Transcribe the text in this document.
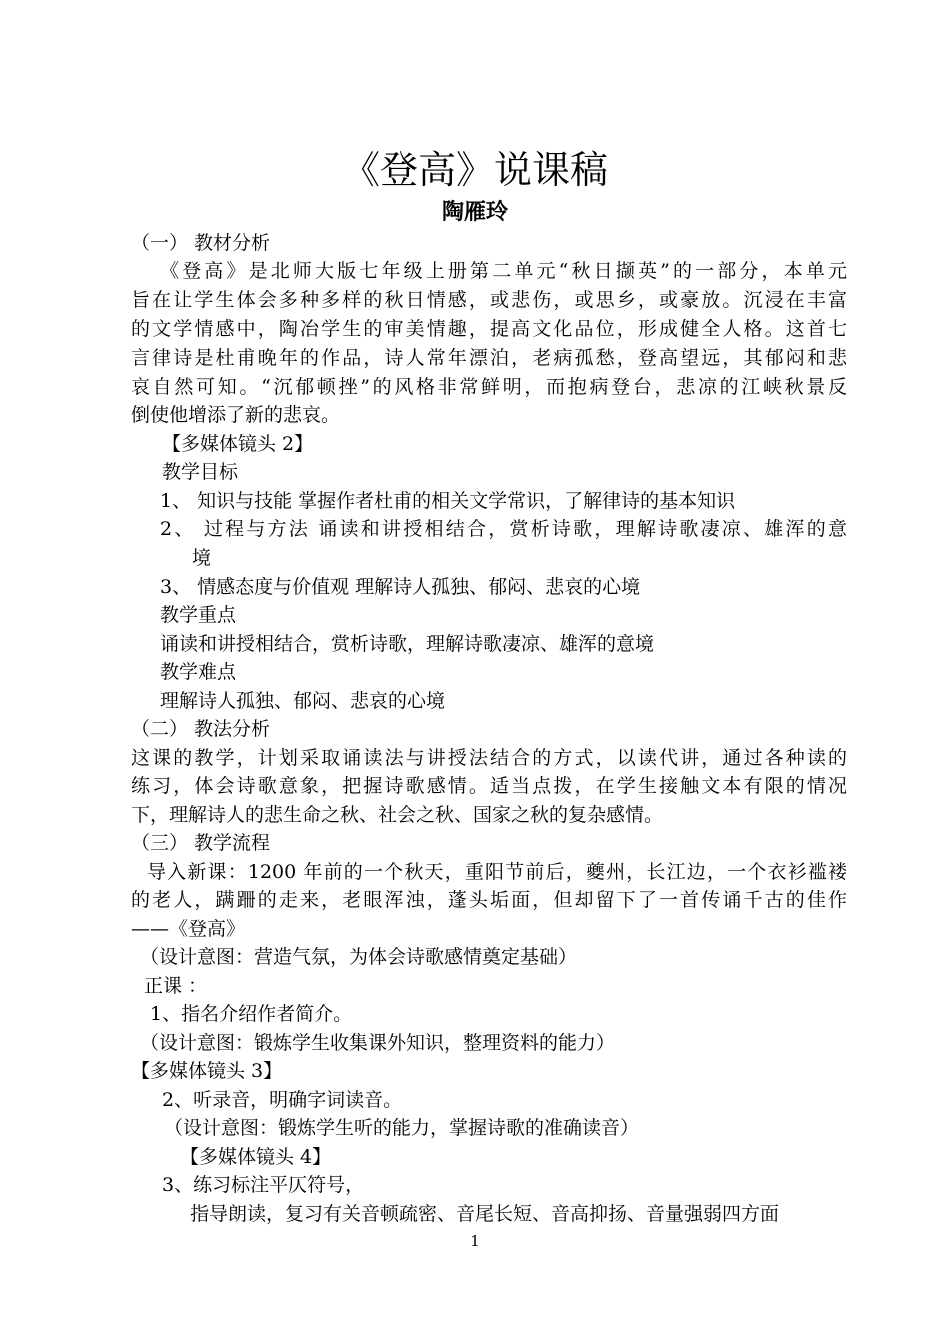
《登高》说课稿
陶雁玲
（一） 教材分析
《登高》是北师大版七年级上册第二单元“秋日撷英”的一部分，本单元
旨在让学生体会多种多样的秋日情感，或悲伤，或思乡，或豪放。沉浸在丰富
的文学情感中，陶冶学生的审美情趣，提高文化品位，形成健全人格。这首七
言律诗是杜甫晚年的作品，诗人常年漂泊，老病孤愁，登高望远，其郁闷和悲
哀自然可知。“沉郁顿挫”的风格非常鲜明，而抱病登台，悲凉的江峡秋景反
倒使他增添了新的悲哀。
【多媒体镜头 2】
教学目标
1、 知识与技能 掌握作者杜甫的相关文学常识，了解律诗的基本知识
2、 过程与方法 诵读和讲授相结合，赏析诗歌，理解诗歌凄凉、雄浑的意
境
3、 情感态度与价值观 理解诗人孤独、郁闷、悲哀的心境
教学重点
诵读和讲授相结合，赏析诗歌，理解诗歌凄凉、雄浑的意境
教学难点
理解诗人孤独、郁闷、悲哀的心境
（二） 教法分析
这课的教学，计划采取诵读法与讲授法结合的方式，以读代讲，通过各种读的
练习，体会诗歌意象，把握诗歌感情。适当点拨，在学生接触文本有限的情况
下，理解诗人的悲生命之秋、社会之秋、国家之秋的复杂感情。
（三） 教学流程
导入新课：1200 年前的一个秋天，重阳节前后，夔州，长江边，一个衣衫褴褛
的老人，蹒跚的走来，老眼浑浊，蓬头垢面，但却留下了一首传诵千古的佳作
——《登高》
（设计意图：营造气氛，为体会诗歌感情奠定基础）
正课 ：
1、指名介绍作者简介。
（设计意图：锻炼学生收集课外知识，整理资料的能力）
【多媒体镜头 3】
2、听录音，明确字词读音。
（设计意图：锻炼学生听的能力，掌握诗歌的准确读音）
【多媒体镜头 4】
3、练习标注平仄符号，
指导朗读，复习有关音顿疏密、音尾长短、音高抑扬、音量强弱四方面
1
